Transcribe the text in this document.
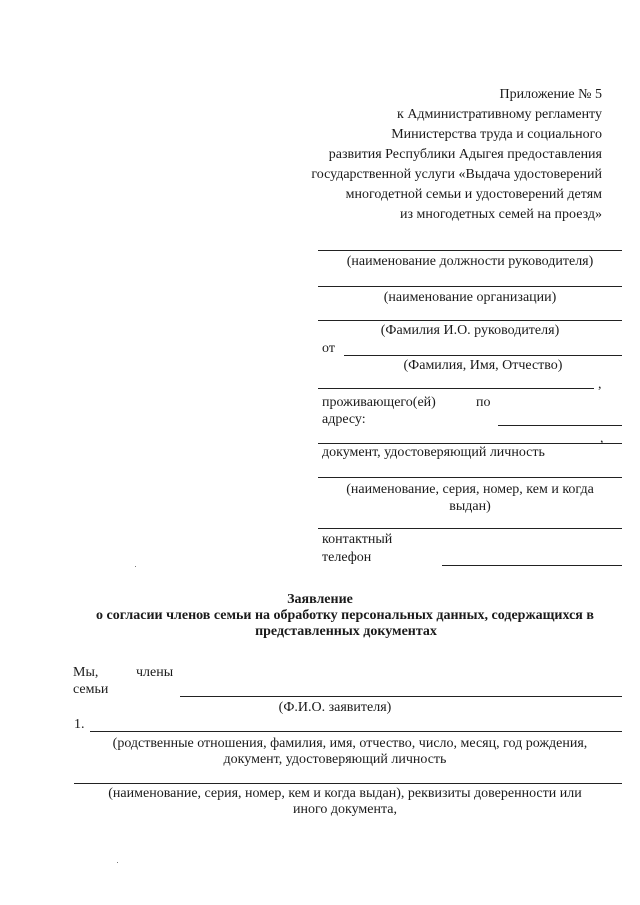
Приложение № 5
к Административному регламенту
Министерства труда и социального
развития Республики Адыгея предоставления
государственной услуги «Выдача удостоверений
многодетной семьи и удостоверений детям
из многодетных семей на проезд»
(наименование должности руководителя)
(наименование организации)
(Фамилия И.О. руководителя)
от
(Фамилия, Имя, Отчество)
,
проживающего(ей)	по
адресу:
,
документ, удостоверяющий личность
(наименование, серия, номер, кем и когда
выдан)
контактный
телефон
Заявление
о согласии членов семьи на обработку персональных данных, содержащихся в
представленных документах
Мы,	члены
семьи
(Ф.И.О. заявителя)
1.
(родственные отношения, фамилия, имя, отчество, число, месяц, год рождения,
документ, удостоверяющий личность
(наименование, серия, номер, кем и когда выдан), реквизиты доверенности или
иного документа,
